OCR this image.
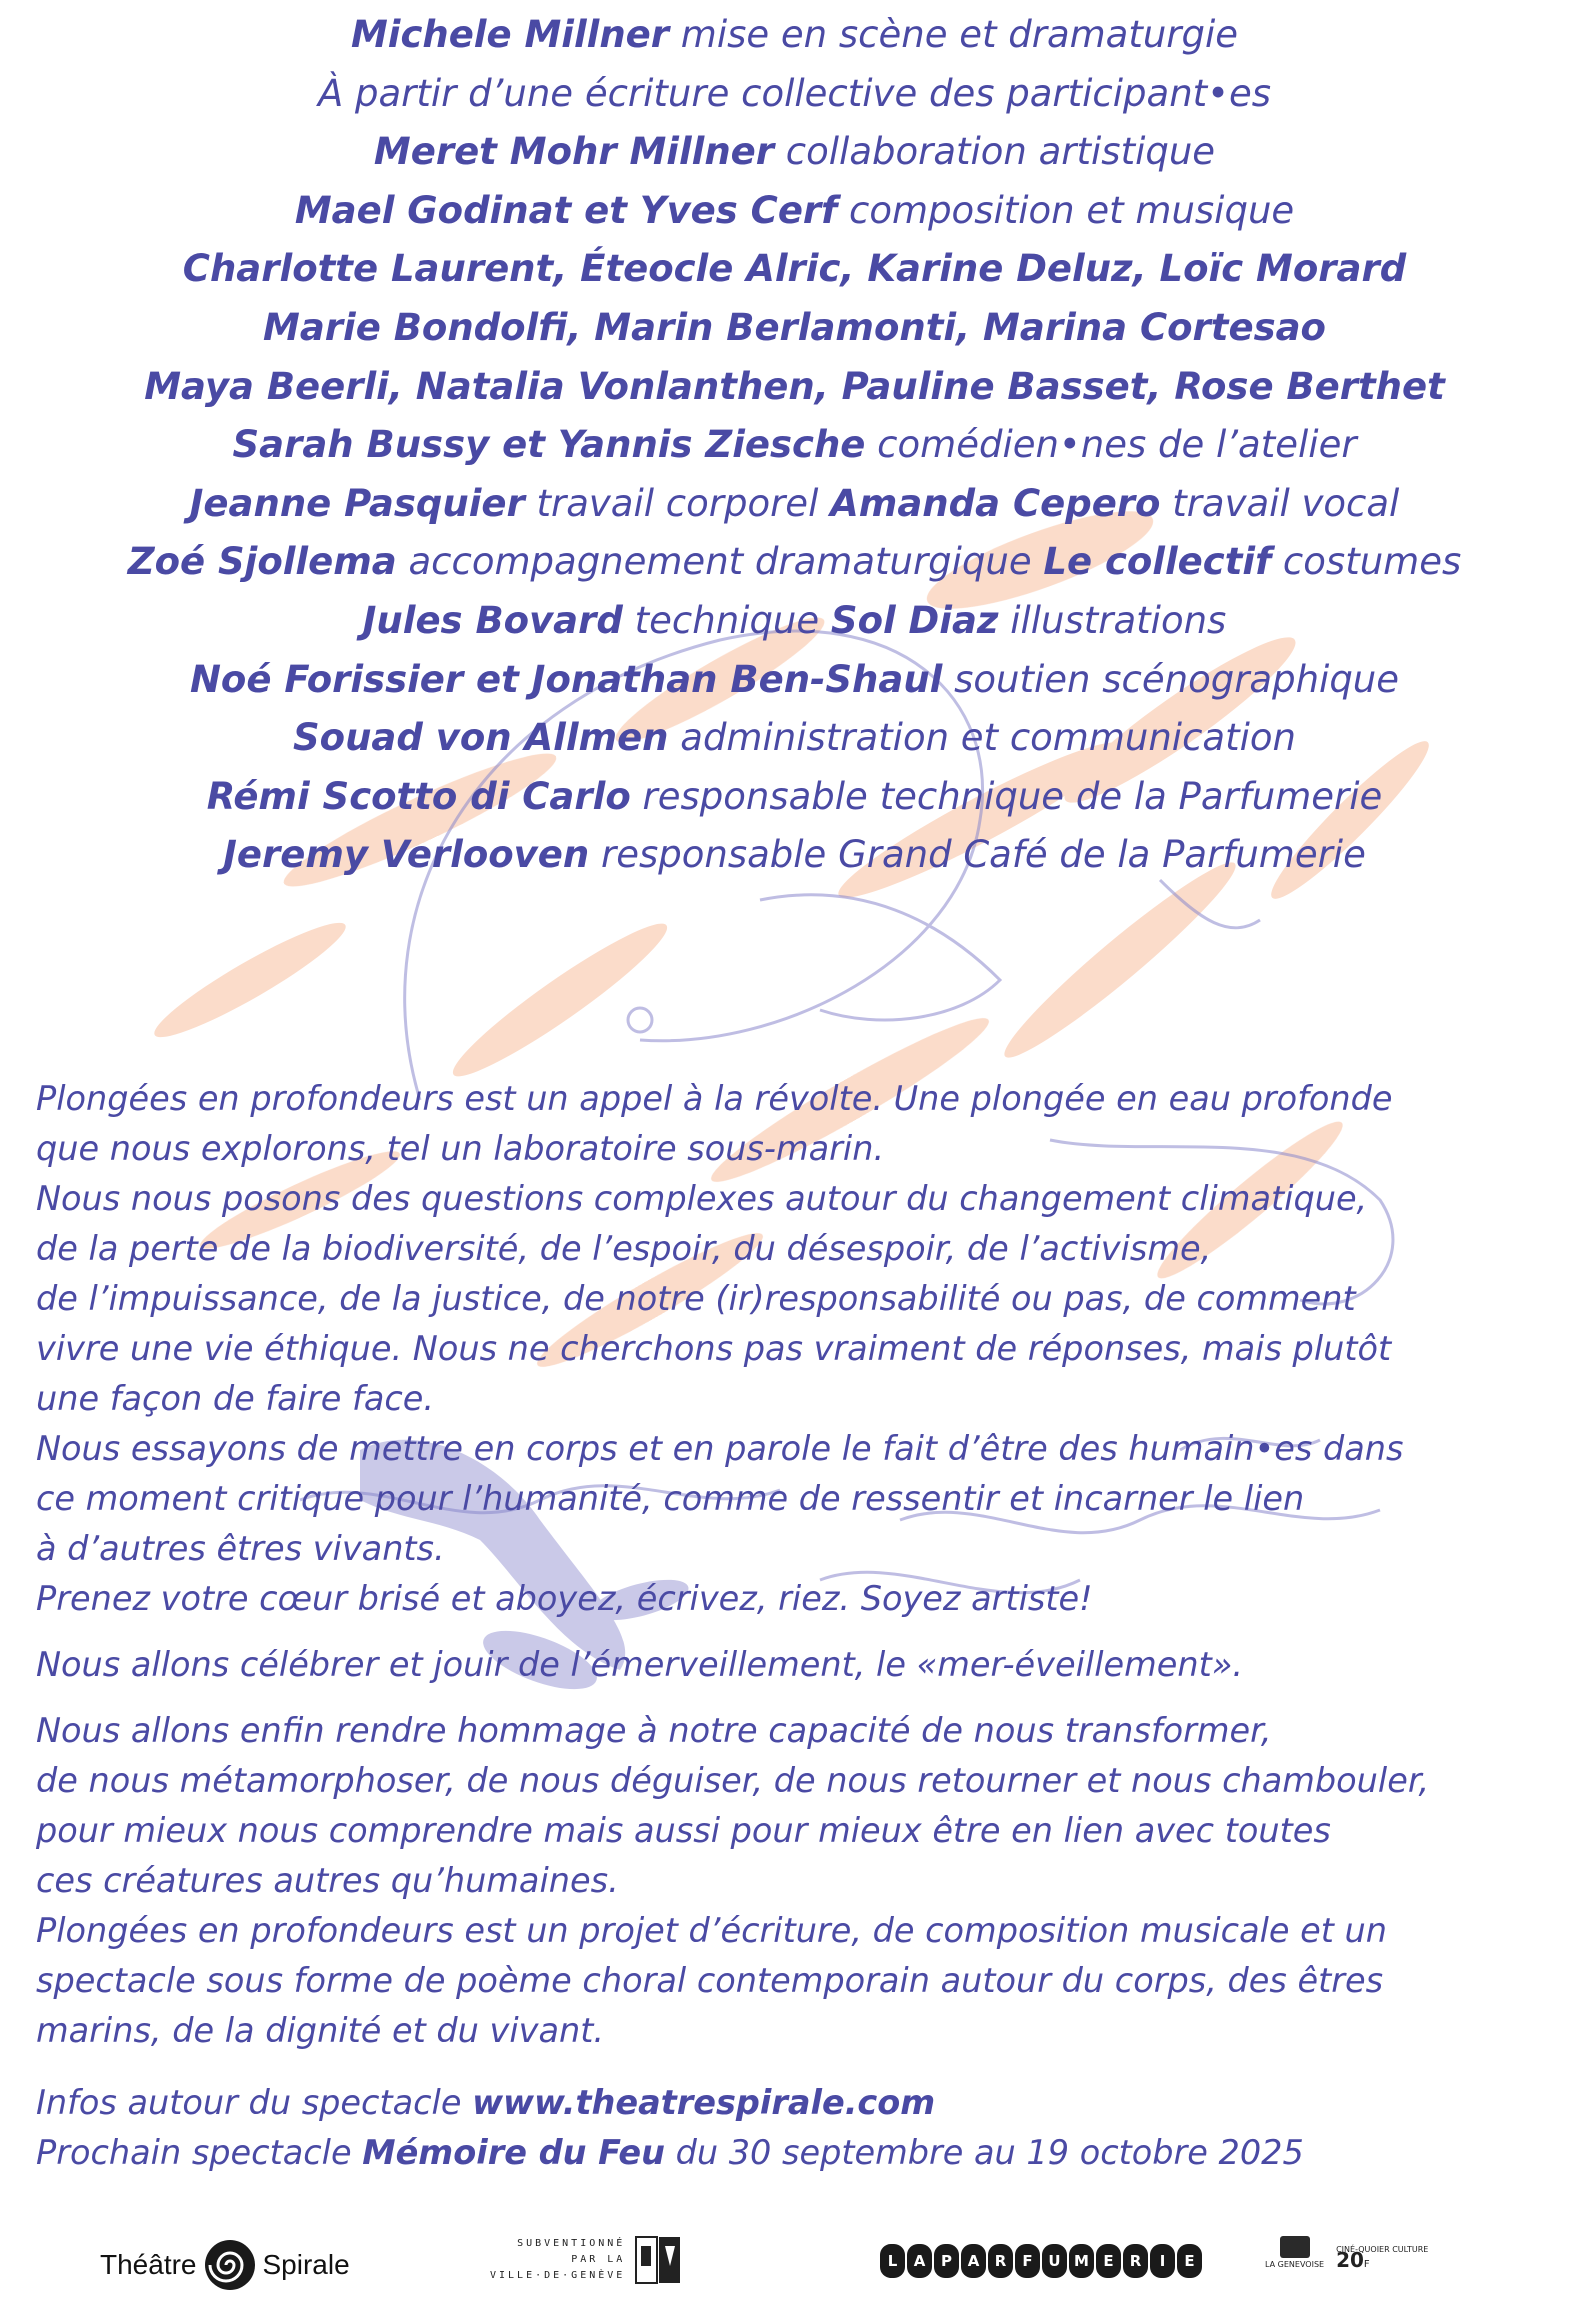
Michele Millner mise en scène et dramaturgie
À partir d’une écriture collective des participant•es
Meret Mohr Millner collaboration artistique
Mael Godinat et Yves Cerf composition et musique
Charlotte Laurent, Éteocle Alric, Karine Deluz, Loïc Morard
Marie Bondolfi, Marin Berlamonti, Marina Cortesao
Maya Beerli, Natalia Vonlanthen, Pauline Basset, Rose Berthet
Sarah Bussy et Yannis Ziesche comédien•nes de l’atelier
Jeanne Pasquier travail corporel Amanda Cepero travail vocal
Zoé Sjollema accompagnement dramaturgique Le collectif costumes
Jules Bovard technique Sol Diaz illustrations
Noé Forissier et Jonathan Ben-Shaul soutien scénographique
Souad von Allmen administration et communication
Rémi Scotto di Carlo responsable technique de la Parfumerie
Jeremy Verlooven responsable Grand Café de la Parfumerie

Plongées en profondeurs est un appel à la révolte. Une plongée en eau profonde

que nous explorons, tel un laboratoire sous-marin.

Nous nous posons des questions complexes autour du changement climatique,

de la perte de la biodiversité, de l’espoir, du désespoir, de l’activisme,

de l’impuissance, de la justice, de notre (ir)responsabilité ou pas, de comment

vivre une vie éthique. Nous ne cherchons pas vraiment de réponses, mais plutôt

une façon de faire face.

Nous essayons de mettre en corps et en parole le fait d’être des humain•es dans

ce moment critique pour l’humanité, comme de ressentir et incarner le lien

à d’autres êtres vivants.

Prenez votre cœur brisé et aboyez, écrivez, riez. Soyez artiste!

Nous allons célébrer et jouir de l’émerveillement, le «mer-éveillement».

Nous allons enfin rendre hommage à notre capacité de nous transformer,

de nous métamorphoser, de nous déguiser, de nous retourner et nous chambouler,

pour mieux nous comprendre mais aussi pour mieux être en lien avec toutes

ces créatures autres qu’humaines.

Plongées en profondeurs est un projet d’écriture, de composition musicale et un

spectacle sous forme de poème choral contemporain autour du corps, des êtres

marins, de la dignité et du vivant.

Infos autour du spectacle www.theatrespirale.com

Prochain spectacle Mémoire du Feu du 30 septembre au 19 octobre 2025

Théâtre Spirale
SUBVENTIONNÉ
PAR LA
VILLE·DE·GENÈVE
L	A	P	A	R	F	U M E	R	I	E	LA GENEVOISE
CINÉ-QUOIER CULTURE
20F
